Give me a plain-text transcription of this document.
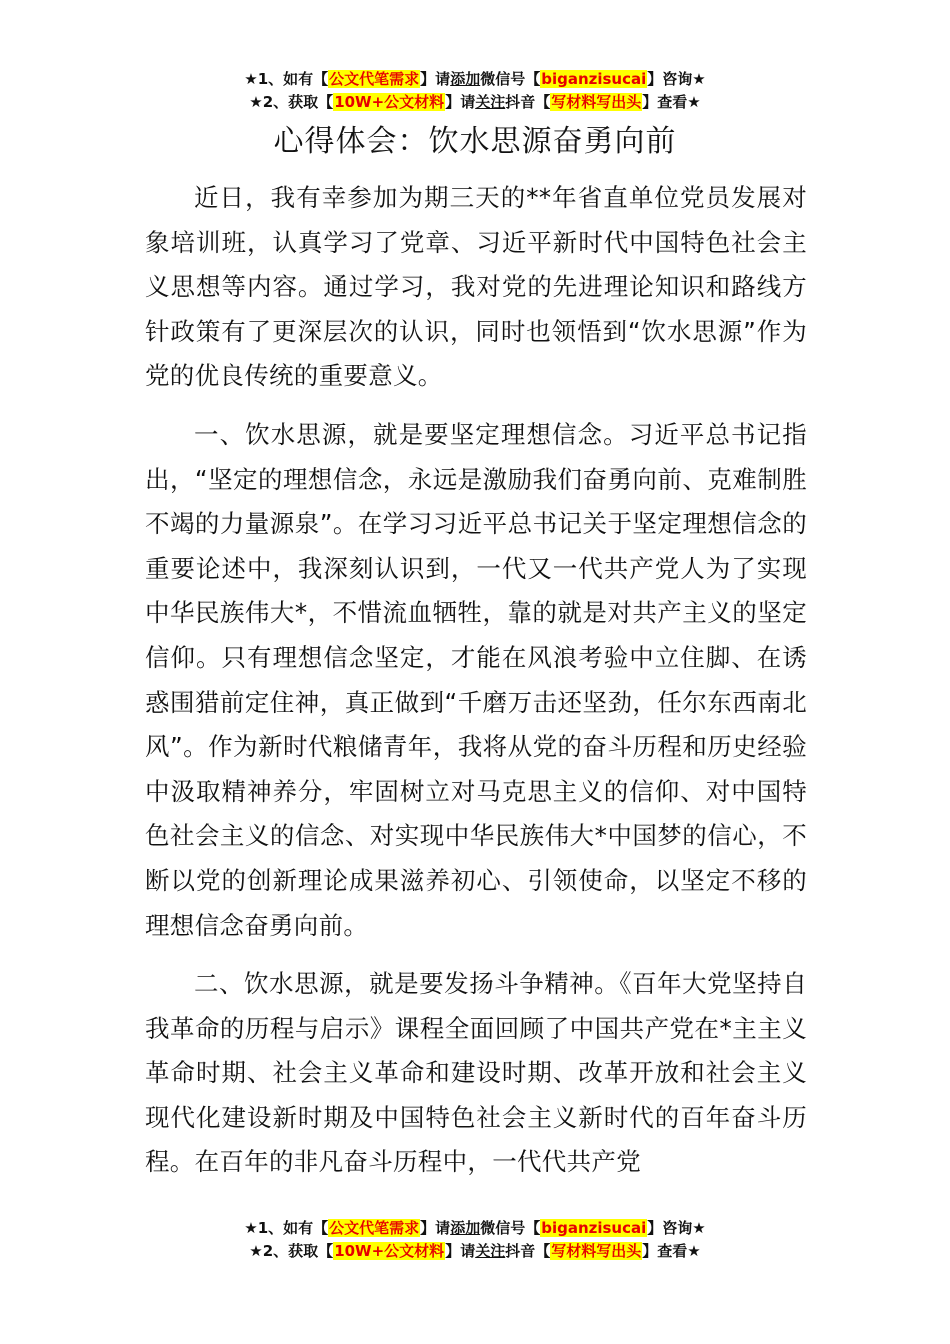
★1、如有【公文代笔需求】请添加微信号【biganzisucai】咨询★
★2、获取【10W+公文材料】请关注抖音【写材料写出头】查看★
心得体会：饮水思源奋勇向前

近日，我有幸参加为期三天的**年省直单位党员发展对象培训班，认真学习了党章、习近平新时代中国特色社会主义思想等内容。通过学习，我对党的先进理论知识和路线方针政策有了更深层次的认识，同时也领悟到“饮水思源”作为党的优良传统的重要意义。

一、饮水思源，就是要坚定理想信念。习近平总书记指出，“坚定的理想信念，永远是激励我们奋勇向前、克难制胜不竭的力量源泉”。在学习习近平总书记关于坚定理想信念的重要论述中，我深刻认识到，一代又一代共产党人为了实现中华民族伟大*，不惜流血牺牲，靠的就是对共产主义的坚定信仰。只有理想信念坚定，才能在风浪考验中立住脚、在诱惑围猎前定住神，真正做到“千磨万击还坚劲，任尔东西南北风”。作为新时代粮储青年，我将从党的奋斗历程和历史经验中汲取精神养分，牢固树立对马克思主义的信仰、对中国特色社会主义的信念、对实现中华民族伟大*中国梦的信心，不断以党的创新理论成果滋养初心、引领使命，以坚定不移的理想信念奋勇向前。

二、饮水思源，就是要发扬斗争精神。《百年大党坚持自我革命的历程与启示》课程全面回顾了中国共产党在*主主义革命时期、社会主义革命和建设时期、改革开放和社会主义现代化建设新时期及中国特色社会主义新时代的百年奋斗历程。在百年的非凡奋斗历程中，一代代共产党

★1、如有【公文代笔需求】请添加微信号【biganzisucai】咨询★
★2、获取【10W+公文材料】请关注抖音【写材料写出头】查看★
